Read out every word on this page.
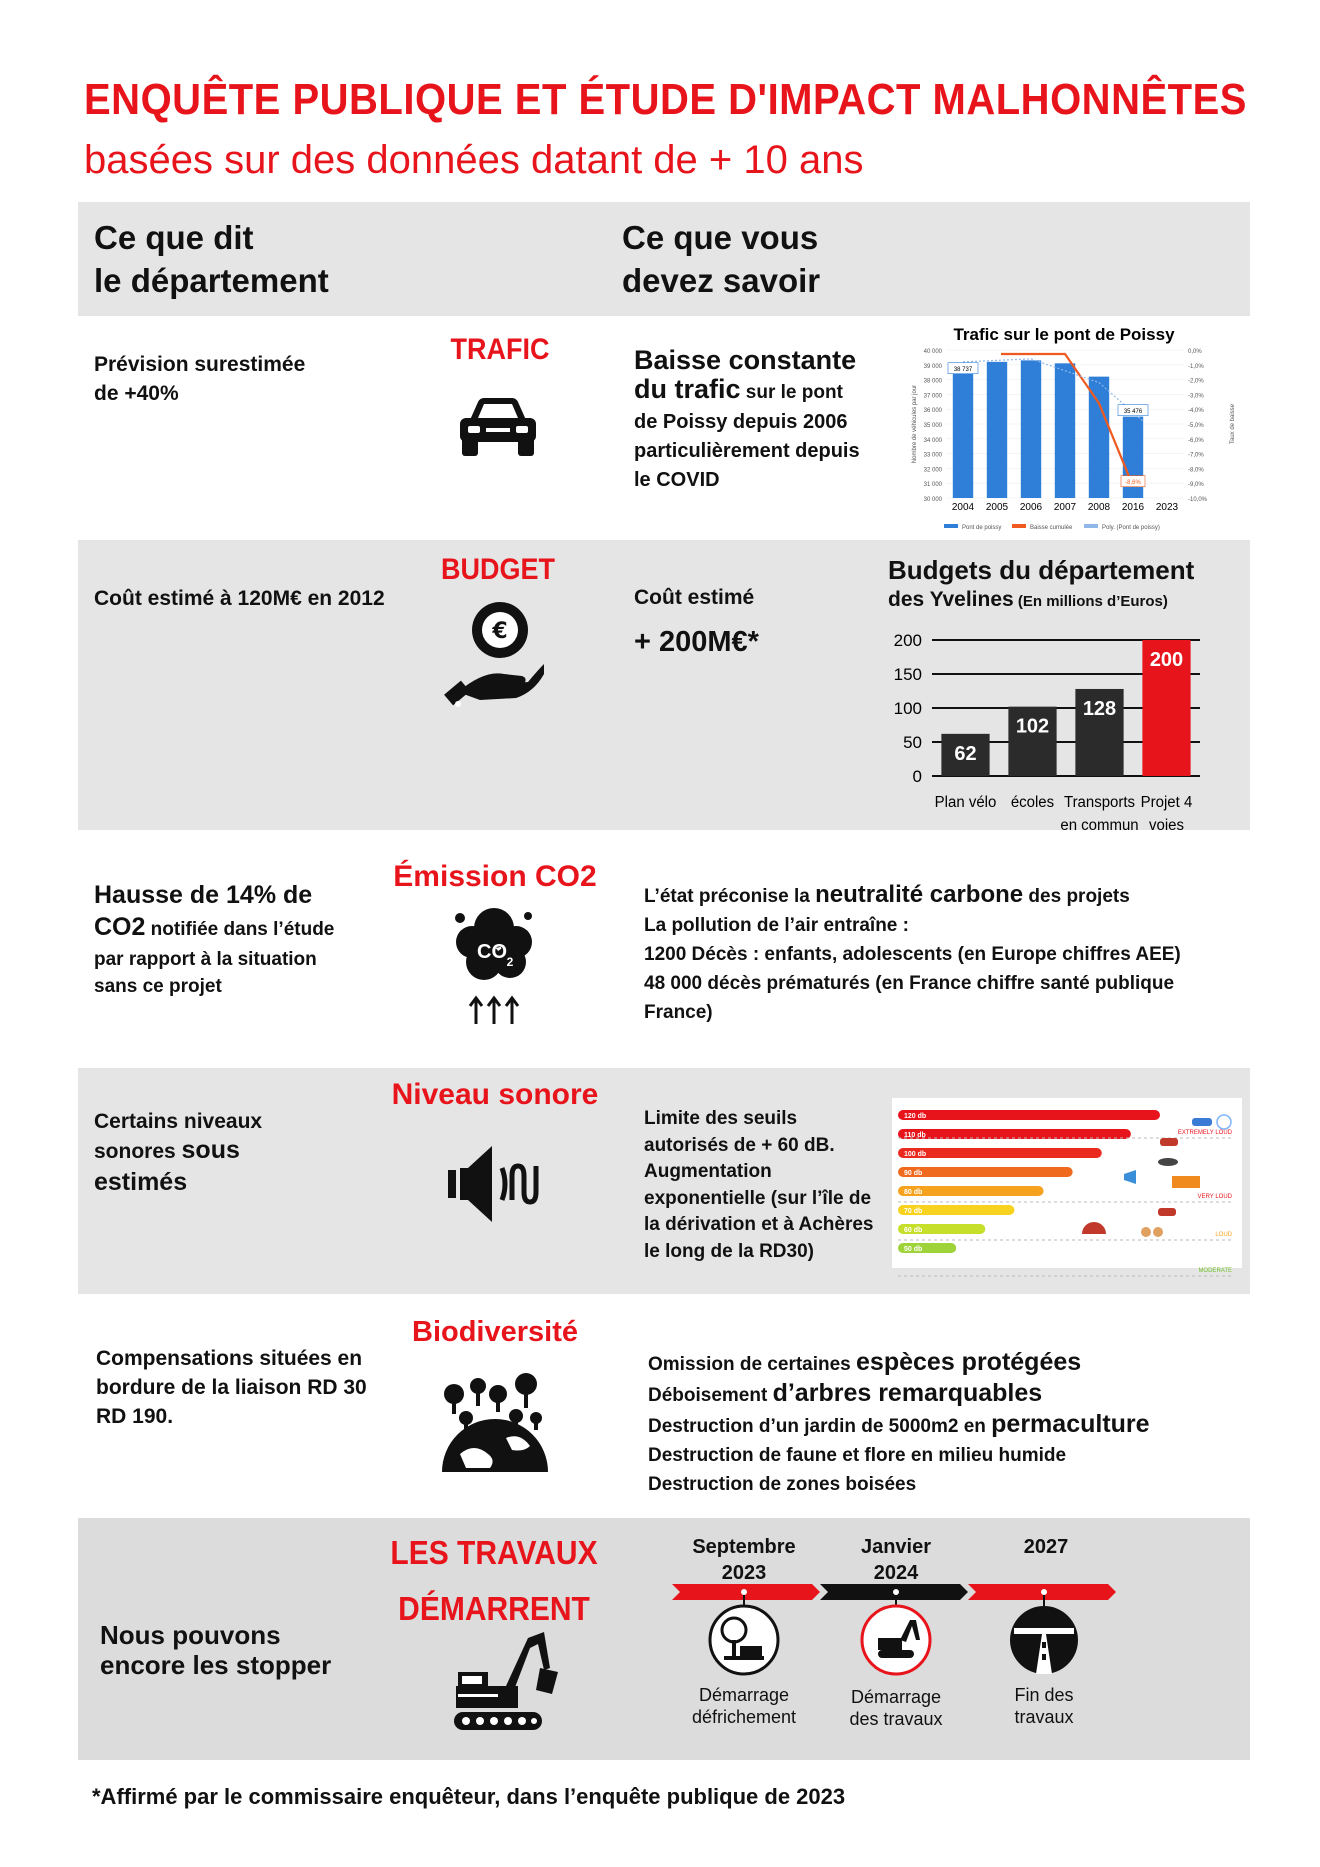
ENQUÊTE PUBLIQUE ET ÉTUDE D'IMPACT MALHONNÊTES
basées sur des données datant de + 10 ans
Ce que dit
le département
Ce que vous
devez savoir
TRAFIC
Prévision surestimée
de +40%
Baisse constante
du trafic sur le pont
de Poissy depuis 2006
particulièrement depuis
le COVID
Trafic sur le pont de Poissy
40 000
39 000
38 000
37 000
36 000
35 000
34 000
33 000
32 000
31 000
30 000
0,0%
-1,0%
-2,0%
-3,0%
-4,0%
-5,0%
-6,0%
-7,0%
-8,0%
-9,0%
-10,0%
Nombre de véhicules par jour	Taux de baisse
2004 2005 2006 2007 2008 2016 2023
38 737
35 476
-8,6%
Pont de poissy	Baisse cumulée	Poly. (Pont de poissy)
BUDGET
Coût estimé à 120M€ en 2012
€
Coût estimé
+ 200M€*
Budgets du département
des Yvelines (En millions d’Euros)
0
50
100
150
200
62
Plan vélo
102
écoles
128
Transports
en commun
200
Projet 4
voies
Émission CO2
Hausse de 14% de
CO2 notifiée dans l’étude
par rapport à la situation
sans ce projet
CO 2
L’état préconise la neutralité carbone des projets
La pollution de l’air entraîne :
1200 Décès : enfants, adolescents (en Europe chiffres AEE)
48 000 décès prématurés (en France chiffre santé publique
France)
Niveau sonore
Certains niveaux
sonores sous
estimés
Limite des seuils
autorisés de + 60 dB.
Augmentation
exponentielle (sur l’île de
la dérivation et à Achères
le long de la RD30)
120 db
110 db
100 db
90 db
80 db
70 db
60 db
50 db
EXTREMELY LOUD
VERY LOUD
LOUD
MODERATE
Biodiversité
Compensations situées en
bordure de la liaison RD 30
RD 190.
Omission de certaines espèces protégées
Déboisement d’arbres remarquables
Destruction d’un jardin de 5000m2 en permaculture
Destruction de faune et flore en milieu humide
Destruction de zones boisées
LES TRAVAUX
DÉMARRENT
Nous pouvons
encore les stopper
Septembre
2023
Janvier
2024
2027
Démarrage
défrichement
Démarrage
des travaux
Fin des
travaux
*Affirmé par le commissaire enquêteur, dans l’enquête publique de 2023
